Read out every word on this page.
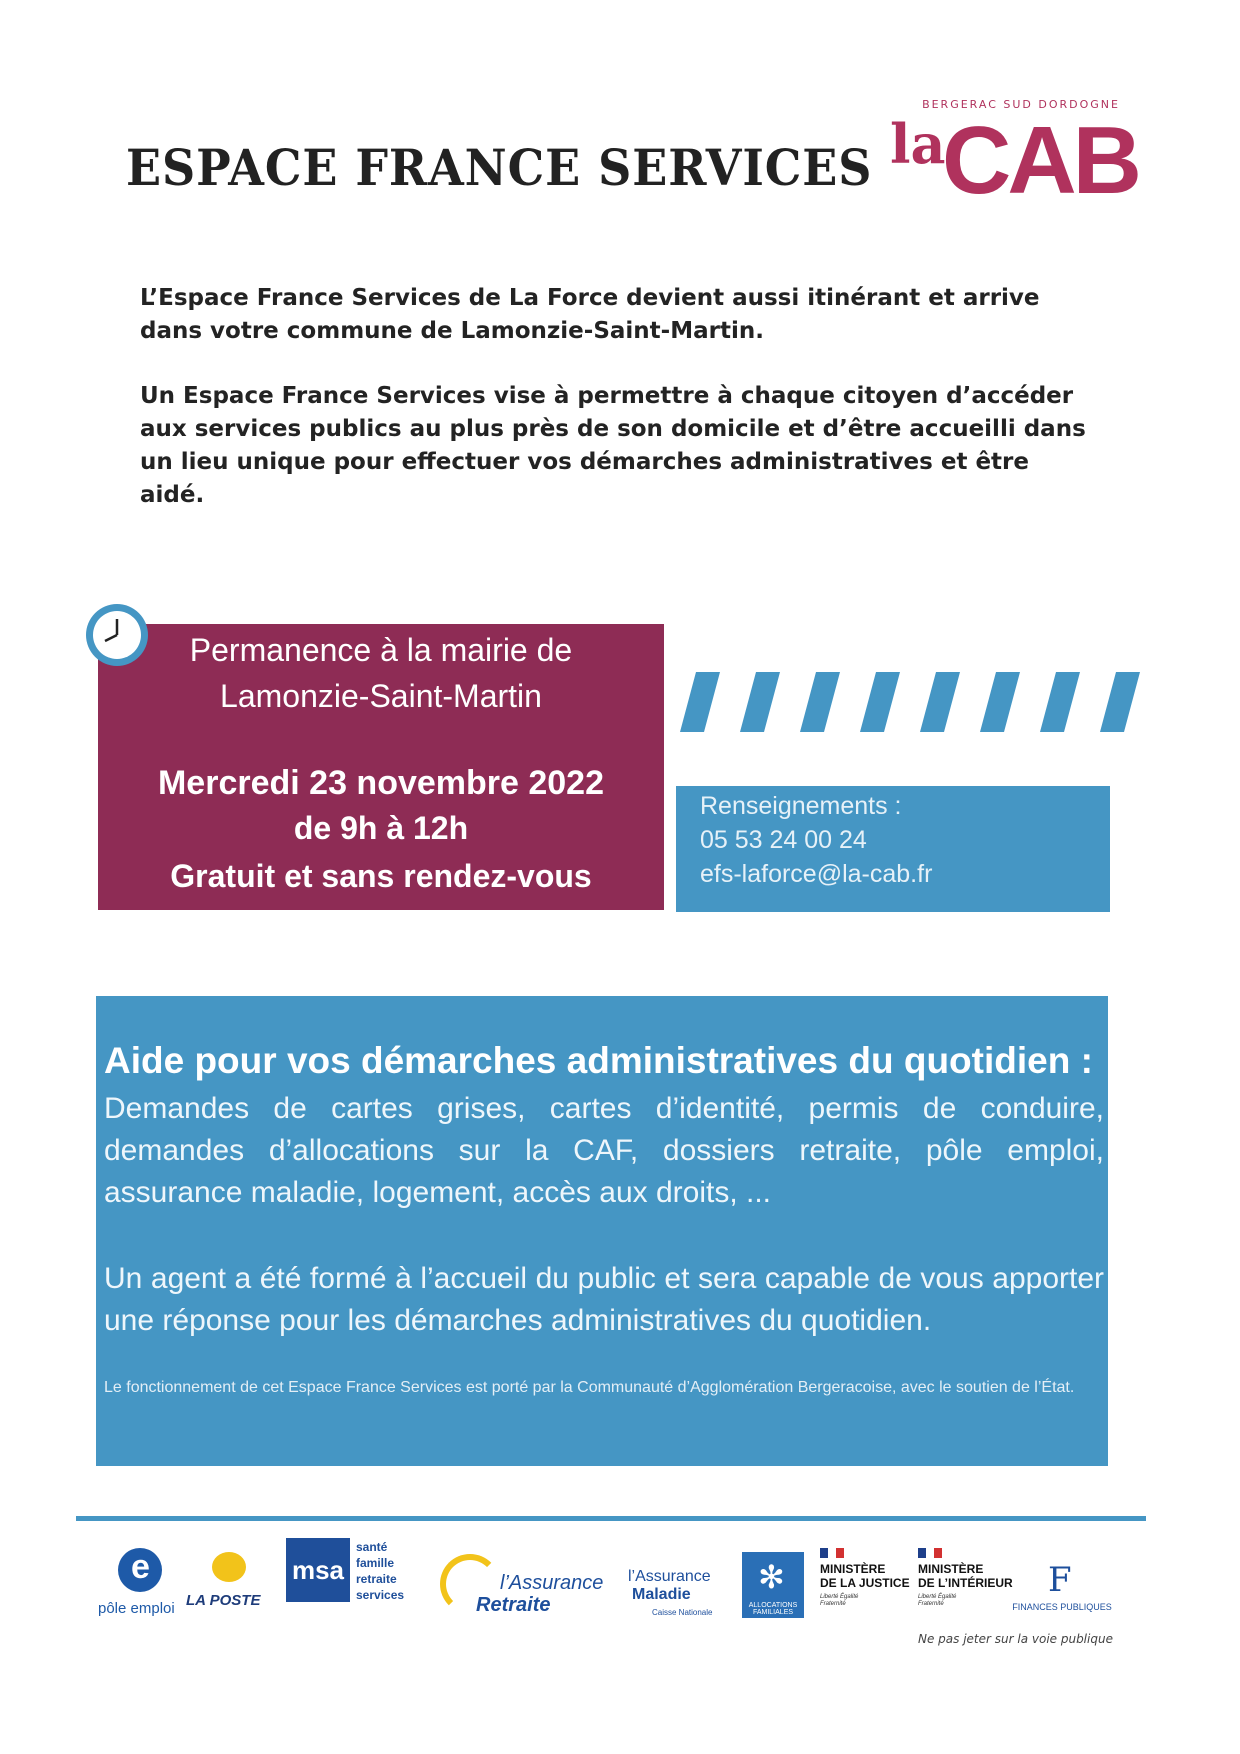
ESPACE FRANCE SERVICES
BERGERAC SUD DORDOGNE
la
CAB
L’Espace France Services de La Force devient aussi itinérant et arrive dans votre commune de Lamonzie-Saint-Martin.
Un Espace France Services vise à permettre à chaque citoyen d’accéder aux services publics au plus près de son domicile et d’être accueilli dans un lieu unique pour effectuer vos démarches administratives et être aidé.
Permanence à la mairie de
Lamonzie-Saint-Martin
Mercredi 23 novembre 2022
de 9h à 12h
Gratuit et sans rendez-vous
Renseignements :
05 53 24 00 24
efs-laforce@la-cab.fr
Aide pour vos démarches administratives du quotidien :
Demandes de cartes grises, cartes d’identité, permis de conduire, demandes d’allocations sur la CAF, dossiers retraite, pôle emploi, assurance maladie, logement, accès aux droits, ...
Un agent a été formé à l’accueil du public et sera capable de vous apporter une réponse pour les démarches administratives du quotidien.
Le fonctionnement de cet Espace France Services est porté par la Communauté d’Agglomération Bergeracoise, avec le soutien de l’État.
e
pôle emploi LA POSTE
msa
santé
famille
retraite
services
l’Assurance
Retraite
l’Assurance
Maladie
Caisse Nationale
✻
ALLOCATIONS FAMILIALES
MINISTÈRE
DE LA JUSTICE
Liberté Égalité Fraternité
MINISTÈRE
DE L’INTÉRIEUR
Liberté Égalité Fraternité
F
FINANCES PUBLIQUES
Ne pas jeter sur la voie publique
